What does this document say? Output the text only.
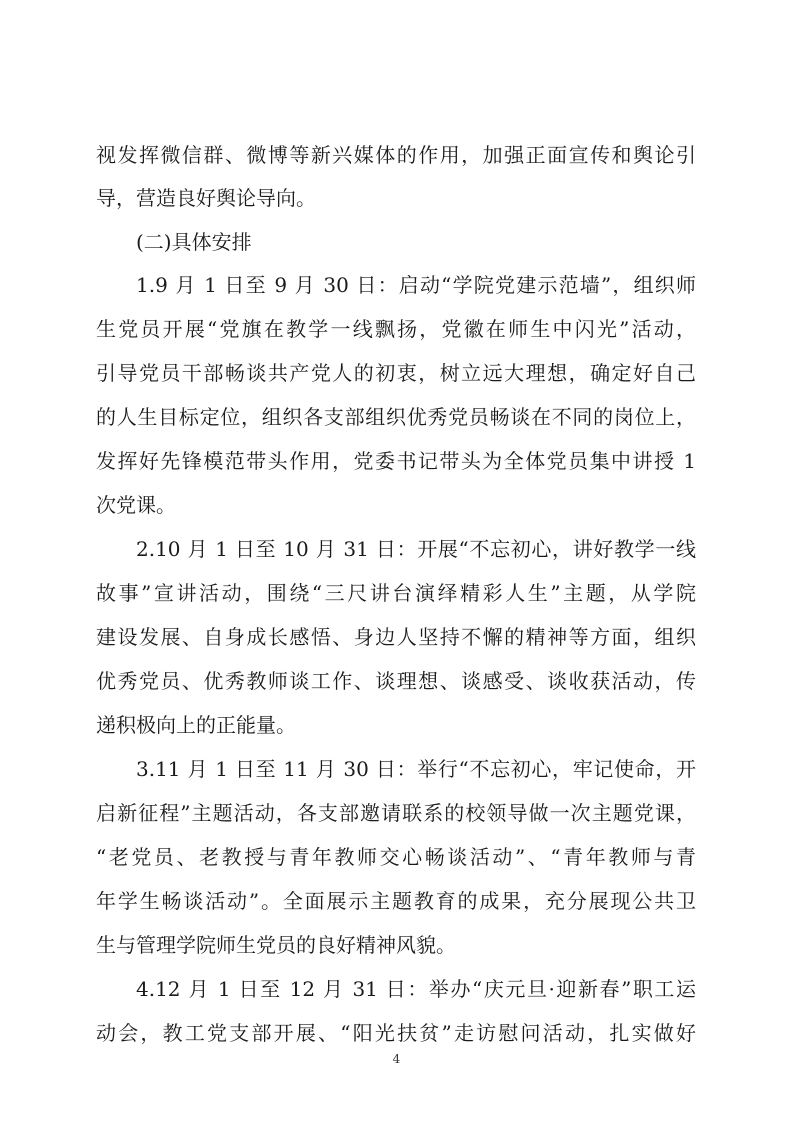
视发挥微信群、微博等新兴媒体的作用，加强正面宣传和舆论引
导，营造良好舆论导向。
(二)具体安排
1.9 月 1 日至 9 月 30 日：启动“学院党建示范墙”，组织师
生党员开展“党旗在教学一线飘扬，党徽在师生中闪光”活动，
引导党员干部畅谈共产党人的初衷，树立远大理想，确定好自己
的人生目标定位，组织各支部组织优秀党员畅谈在不同的岗位上，
发挥好先锋模范带头作用，党委书记带头为全体党员集中讲授 1
次党课。
2.10 月 1 日至 10 月 31 日：开展“不忘初心，讲好教学一线
故事”宣讲活动，围绕“三尺讲台演绎精彩人生”主题，从学院
建设发展、自身成长感悟、身边人坚持不懈的精神等方面，组织
优秀党员、优秀教师谈工作、谈理想、谈感受、谈收获活动，传
递积极向上的正能量。
3.11 月 1 日至 11 月 30 日：举行“不忘初心，牢记使命，开
启新征程”主题活动，各支部邀请联系的校领导做一次主题党课，
“老党员、老教授与青年教师交心畅谈活动”、“青年教师与青
年学生畅谈活动”。全面展示主题教育的成果，充分展现公共卫
生与管理学院师生党员的良好精神风貌。
4.12 月 1 日至 12 月 31 日：举办“庆元旦·迎新春”职工运
动会，教工党支部开展、“阳光扶贫”走访慰问活动，扎实做好
4
